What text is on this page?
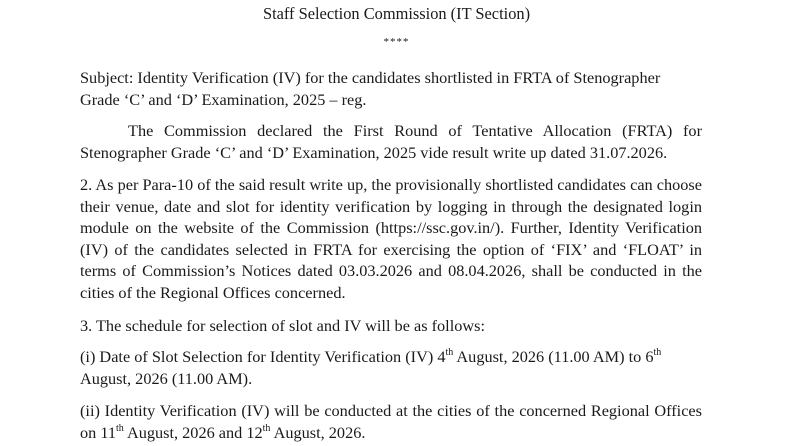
Staff Selection Commission (IT Section)
****

Subject: Identity Verification (IV) for the candidates shortlisted in FRTA of Stenographer Grade ‘C’ and ‘D’ Examination, 2025 – reg.

The Commission declared the First Round of Tentative Allocation (FRTA) for Stenographer Grade ‘C’ and ‘D’ Examination, 2025 vide result write up dated 31.07.2026.

2. As per Para-10 of the said result write up, the provisionally shortlisted candidates can choose their venue, date and slot for identity verification by logging in through the designated login module on the website of the Commission (https://ssc.gov.in/). Further, Identity Verification (IV) of the candidates selected in FRTA for exercising the option of ‘FIX’ and ‘FLOAT’ in terms of Commission’s Notices dated 03.03.2026 and 08.04.2026, shall be conducted in the cities of the Regional Offices concerned.

3. The schedule for selection of slot and IV will be as follows:

(i) Date of Slot Selection for Identity Verification (IV) 4th August, 2026 (11.00 AM) to 6th August, 2026 (11.00 AM).

(ii) Identity Verification (IV) will be conducted at the cities of the concerned Regional Offices on 11th August, 2026 and 12th August, 2026.
